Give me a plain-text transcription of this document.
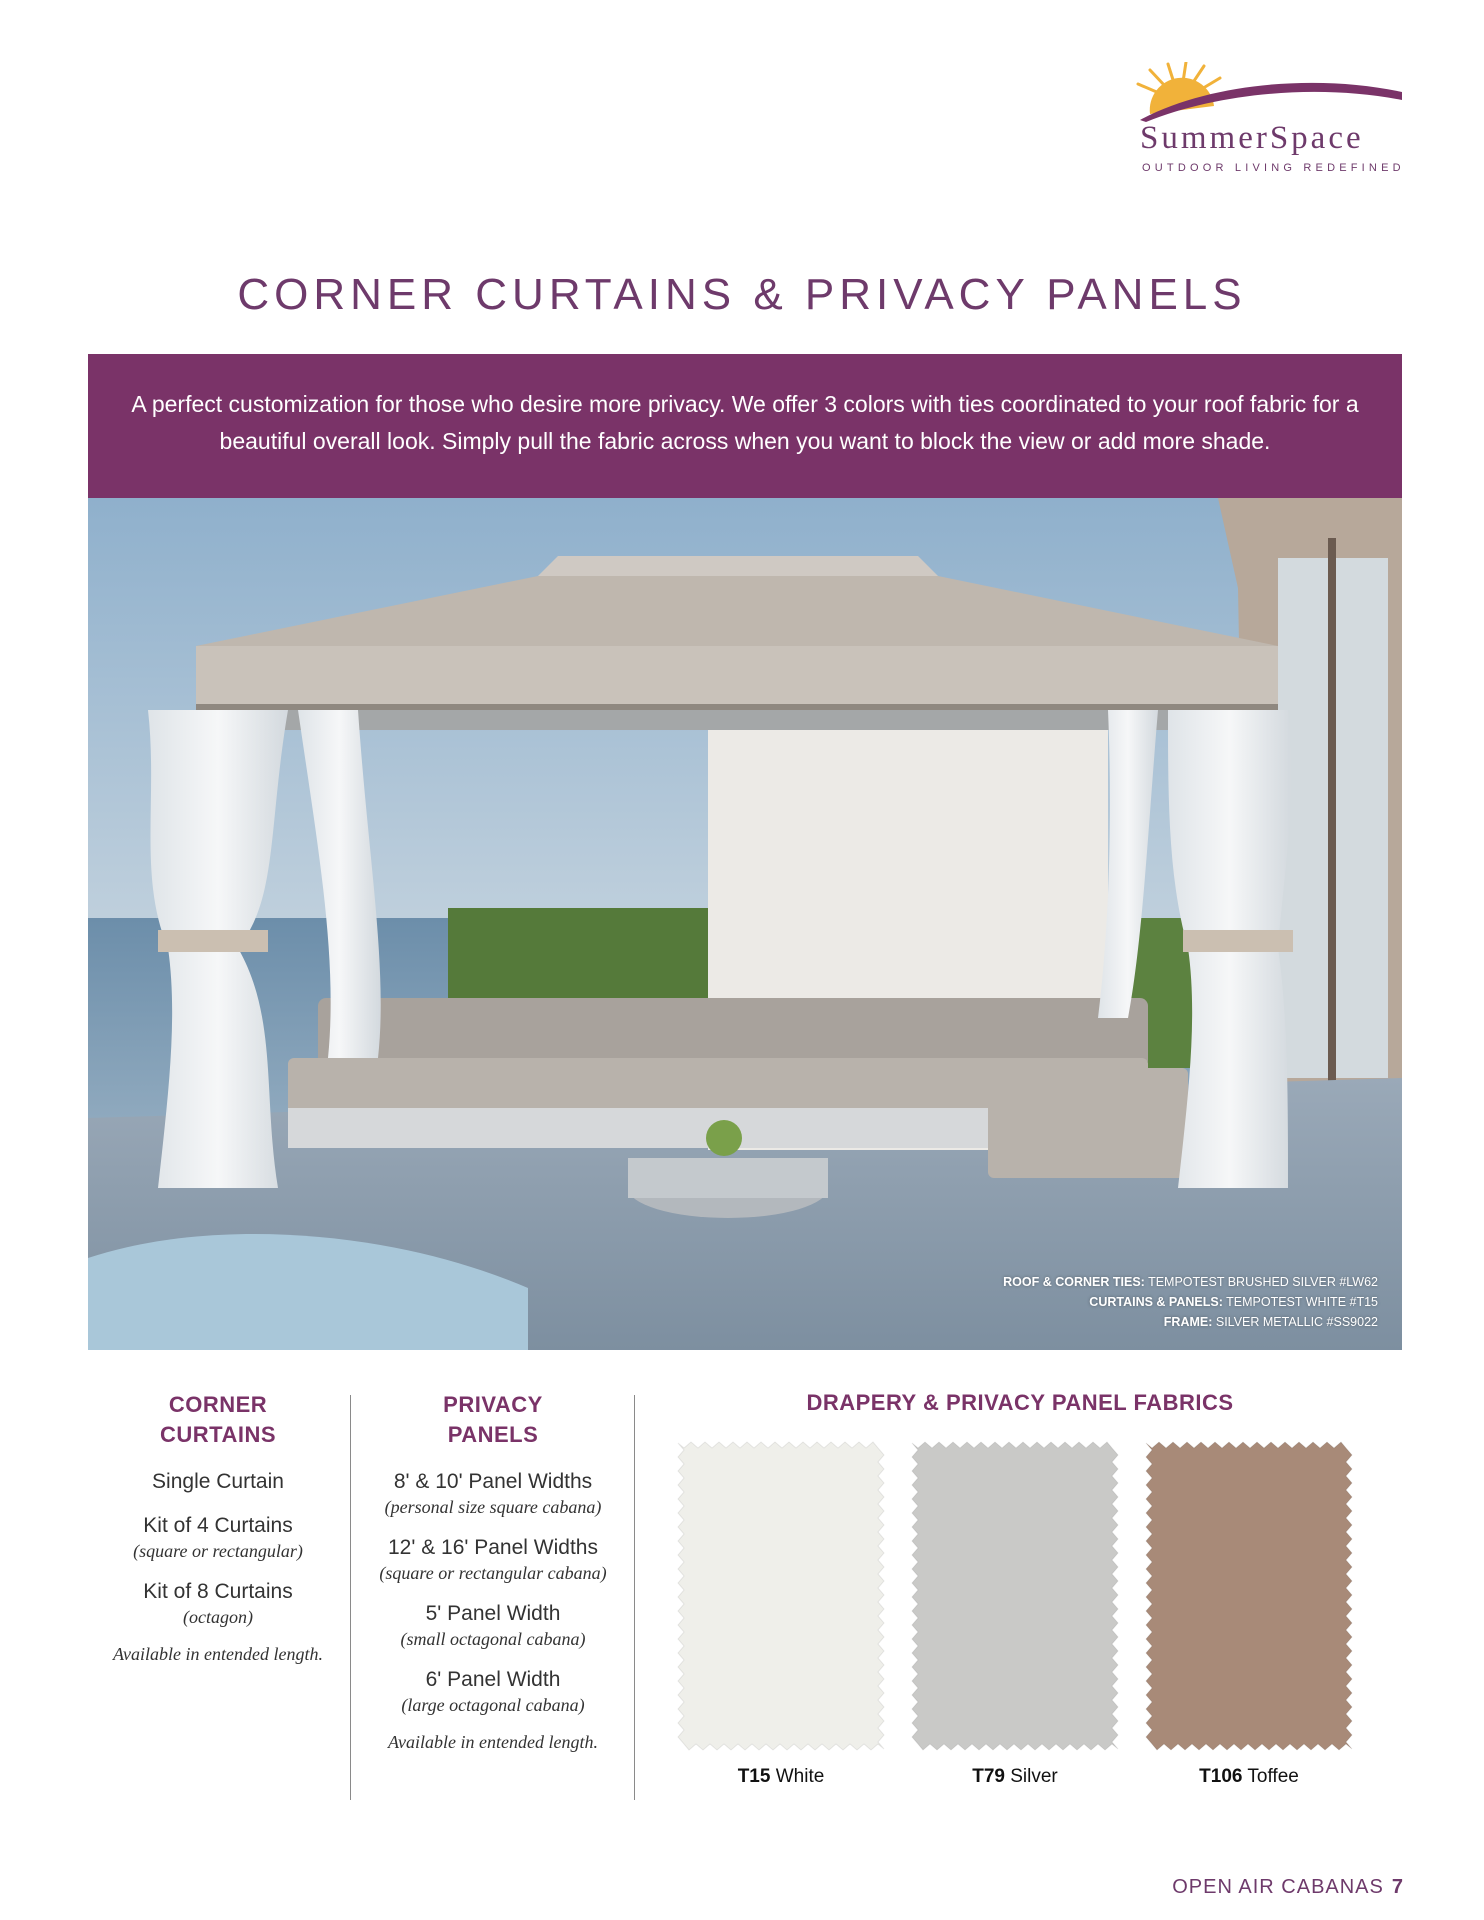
SummerSpace
OUTDOOR LIVING REDEFINED
CORNER CURTAINS & PRIVACY PANELS

A perfect customization for those who desire more privacy. We offer 3 colors with ties coordinated to your roof fabric for a beautiful overall look. Simply pull the fabric across when you want to block the view or add more shade.

ROOF & CORNER TIES: TEMPOTEST BRUSHED SILVER #LW62
CURTAINS & PANELS: TEMPOTEST WHITE #T15
FRAME: SILVER METALLIC #SS9022
CORNER
CURTAINS
Single Curtain
Kit of 4 Curtains
(square or rectangular)
Kit of 8 Curtains
(octagon)
Available in entended length.
PRIVACY
PANELS
8' & 10' Panel Widths
(personal size square cabana)
12' & 16' Panel Widths
(square or rectangular cabana)
5' Panel Width
(small octagonal cabana)
6' Panel Width
(large octagonal cabana)
Available in entended length.
DRAPERY & PRIVACY PANEL FABRICS
T15 White	T79 Silver	T106 Toffee
OPEN AIR CABANAS 7
